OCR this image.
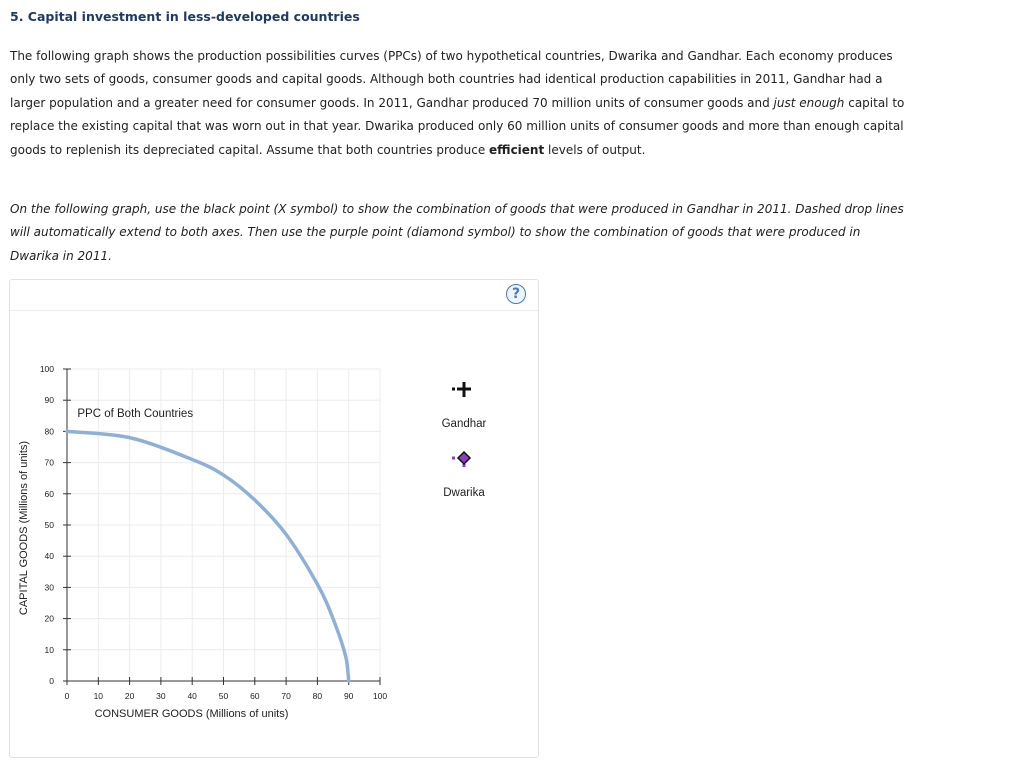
5. Capital investment in less-developed countries

The following graph shows the production possibilities curves (PPCs) of two hypothetical countries, Dwarika and Gandhar. Each economy produces only two sets of goods, consumer goods and capital goods. Although both countries had identical production capabilities in 2011, Gandhar had a larger population and a greater need for consumer goods. In 2011, Gandhar produced 70 million units of consumer goods and just enough capital to replace the existing capital that was worn out in that year. Dwarika produced only 60 million units of consumer goods and more than enough capital goods to replenish its depreciated capital. Assume that both countries produce efficient levels of output.

On the following graph, use the black point (X symbol) to show the combination of goods that were produced in Gandhar in 2011. Dashed drop lines will automatically extend to both axes. Then use the purple point (diamond symbol) to show the combination of goods that were produced in Dwarika in 2011.

?
0	10	20	30	40	50	60	70	80	90 100
0
10
20
30
40
50
60
70
80
90
100
CONSUMER GOODS (Millions of units)
CAPITAL GOODS (Millions of units)
PPC of Both Countries
Gandhar
Dwarika
